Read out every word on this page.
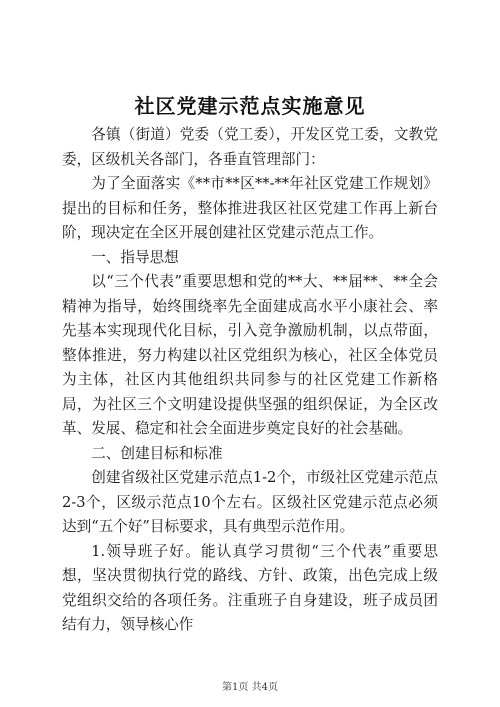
社区党建示范点实施意见

各镇（街道）党委（党工委），开发区党工委，文教党委，区级机关各部门，各垂直管理部门：

为了全面落实《**市**区**-**年社区党建工作规划》提出的目标和任务，整体推进我区社区党建工作再上新台阶，现决定在全区开展创建社区党建示范点工作。

一、指导思想

以“三个代表”重要思想和党的**大、**届**、**全会精神为指导，始终围绕率先全面建成高水平小康社会、率先基本实现现代化目标，引入竞争激励机制，以点带面，整体推进，努力构建以社区党组织为核心，社区全体党员为主体，社区内其他组织共同参与的社区党建工作新格局，为社区三个文明建设提供坚强的组织保证，为全区改革、发展、稳定和社会全面进步奠定良好的社会基础。

二、创建目标和标准

创建省级社区党建示范点1-2个，市级社区党建示范点2-3个，区级示范点10个左右。区级社区党建示范点必须达到“五个好”目标要求，具有典型示范作用。

1.领导班子好。能认真学习贯彻“三个代表”重要思想，坚决贯彻执行党的路线、方针、政策，出色完成上级党组织交给的各项任务。注重班子自身建设，班子成员团结有力，领导核心作

第1页 共4页
